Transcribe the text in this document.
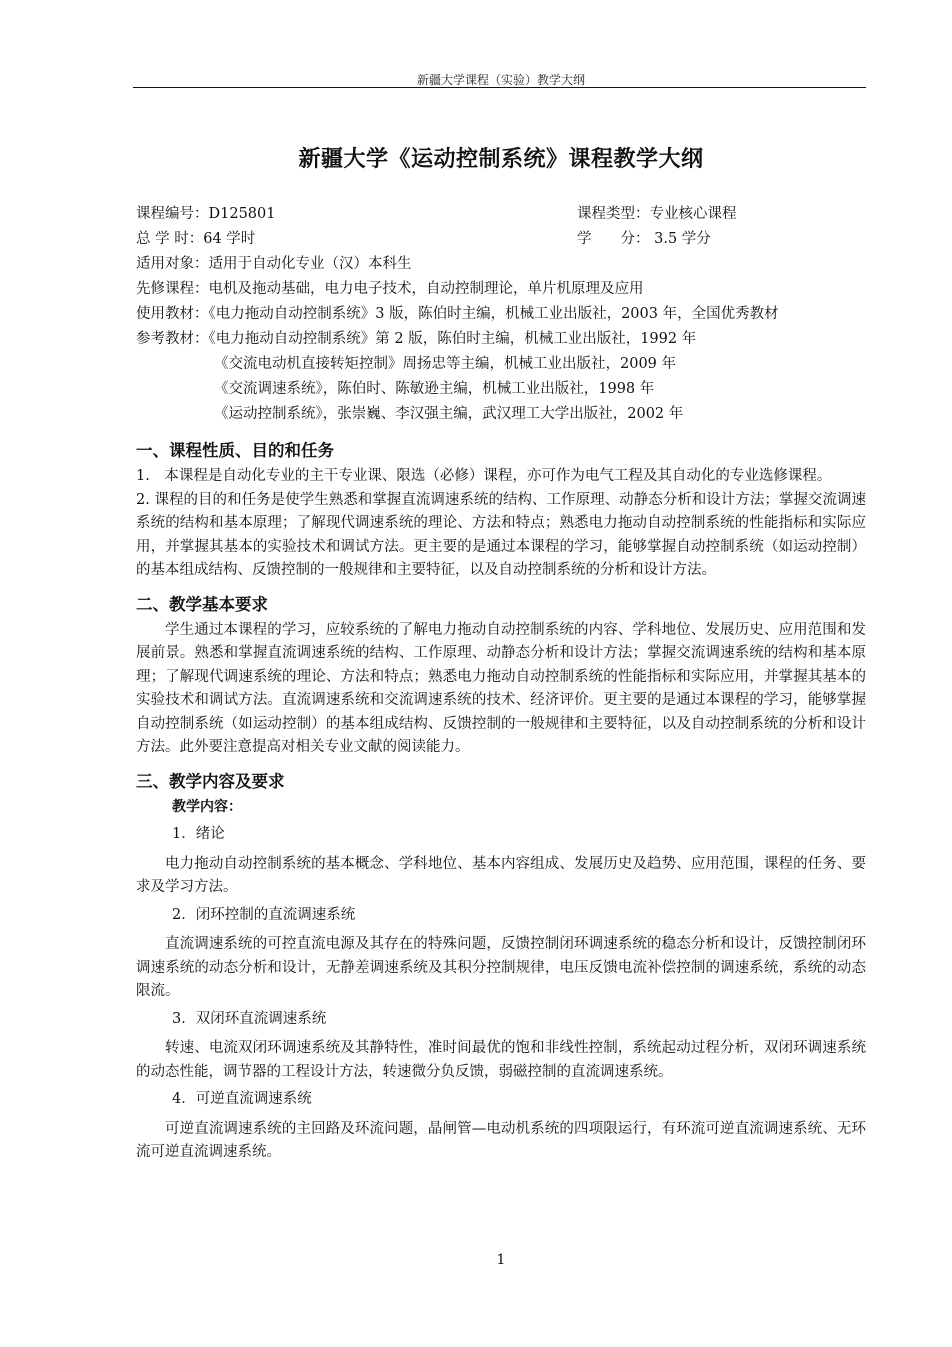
新疆大学课程（实验）教学大纲
新疆大学《运动控制系统》课程教学大纲
课程编号：D125801	课程类型：专业核心课程
总 学 时：64 学时	学　　分： 3.5 学分
适用对象：适用于自动化专业（汉）本科生
先修课程：电机及拖动基础，电力电子技术，自动控制理论，单片机原理及应用
使用教材：《电力拖动自动控制系统》3 版，陈伯时主编，机械工业出版社，2003 年，全国优秀教材
参考教材：《电力拖动自动控制系统》第 2 版，陈伯时主编，机械工业出版社，1992 年
《交流电动机直接转矩控制》周扬忠等主编，机械工业出版社，2009 年
《交流调速系统》，陈伯时、陈敏逊主编，机械工业出版社，1998 年
《运动控制系统》，张崇巍、李汉强主编，武汉理工大学出版社，2002 年
一、课程性质、目的和任务

1.　本课程是自动化专业的主干专业课、限选（必修）课程，亦可作为电气工程及其自动化的专业选修课程。

2. 课程的目的和任务是使学生熟悉和掌握直流调速系统的结构、工作原理、动静态分析和设计方法；掌握交流调速系统的结构和基本原理；了解现代调速系统的理论、方法和特点；熟悉电力拖动自动控制系统的性能指标和实际应用，并掌握其基本的实验技术和调试方法。更主要的是通过本课程的学习，能够掌握自动控制系统（如运动控制）的基本组成结构、反馈控制的一般规律和主要特征，以及自动控制系统的分析和设计方法。

二、教学基本要求

学生通过本课程的学习，应较系统的了解电力拖动自动控制系统的内容、学科地位、发展历史、应用范围和发展前景。熟悉和掌握直流调速系统的结构、工作原理、动静态分析和设计方法；掌握交流调速系统的结构和基本原理；了解现代调速系统的理论、方法和特点；熟悉电力拖动自动控制系统的性能指标和实际应用，并掌握其基本的实验技术和调试方法。直流调速系统和交流调速系统的技术、经济评价。更主要的是通过本课程的学习，能够掌握自动控制系统（如运动控制）的基本组成结构、反馈控制的一般规律和主要特征，以及自动控制系统的分析和设计方法。此外要注意提高对相关专业文献的阅读能力。

三、教学内容及要求
教学内容：
1．绪论

电力拖动自动控制系统的基本概念、学科地位、基本内容组成、发展历史及趋势、应用范围，课程的任务、要求及学习方法。

2．闭环控制的直流调速系统

直流调速系统的可控直流电源及其存在的特殊问题，反馈控制闭环调速系统的稳态分析和设计，反馈控制闭环调速系统的动态分析和设计，无静差调速系统及其积分控制规律，电压反馈电流补偿控制的调速系统，系统的动态限流。

3．双闭环直流调速系统

转速、电流双闭环调速系统及其静特性，准时间最优的饱和非线性控制，系统起动过程分析，双闭环调速系统的动态性能，调节器的工程设计方法，转速微分负反馈，弱磁控制的直流调速系统。

4．可逆直流调速系统

可逆直流调速系统的主回路及环流问题，晶闸管—电动机系统的四项限运行，有环流可逆直流调速系统、无环流可逆直流调速系统。

1
